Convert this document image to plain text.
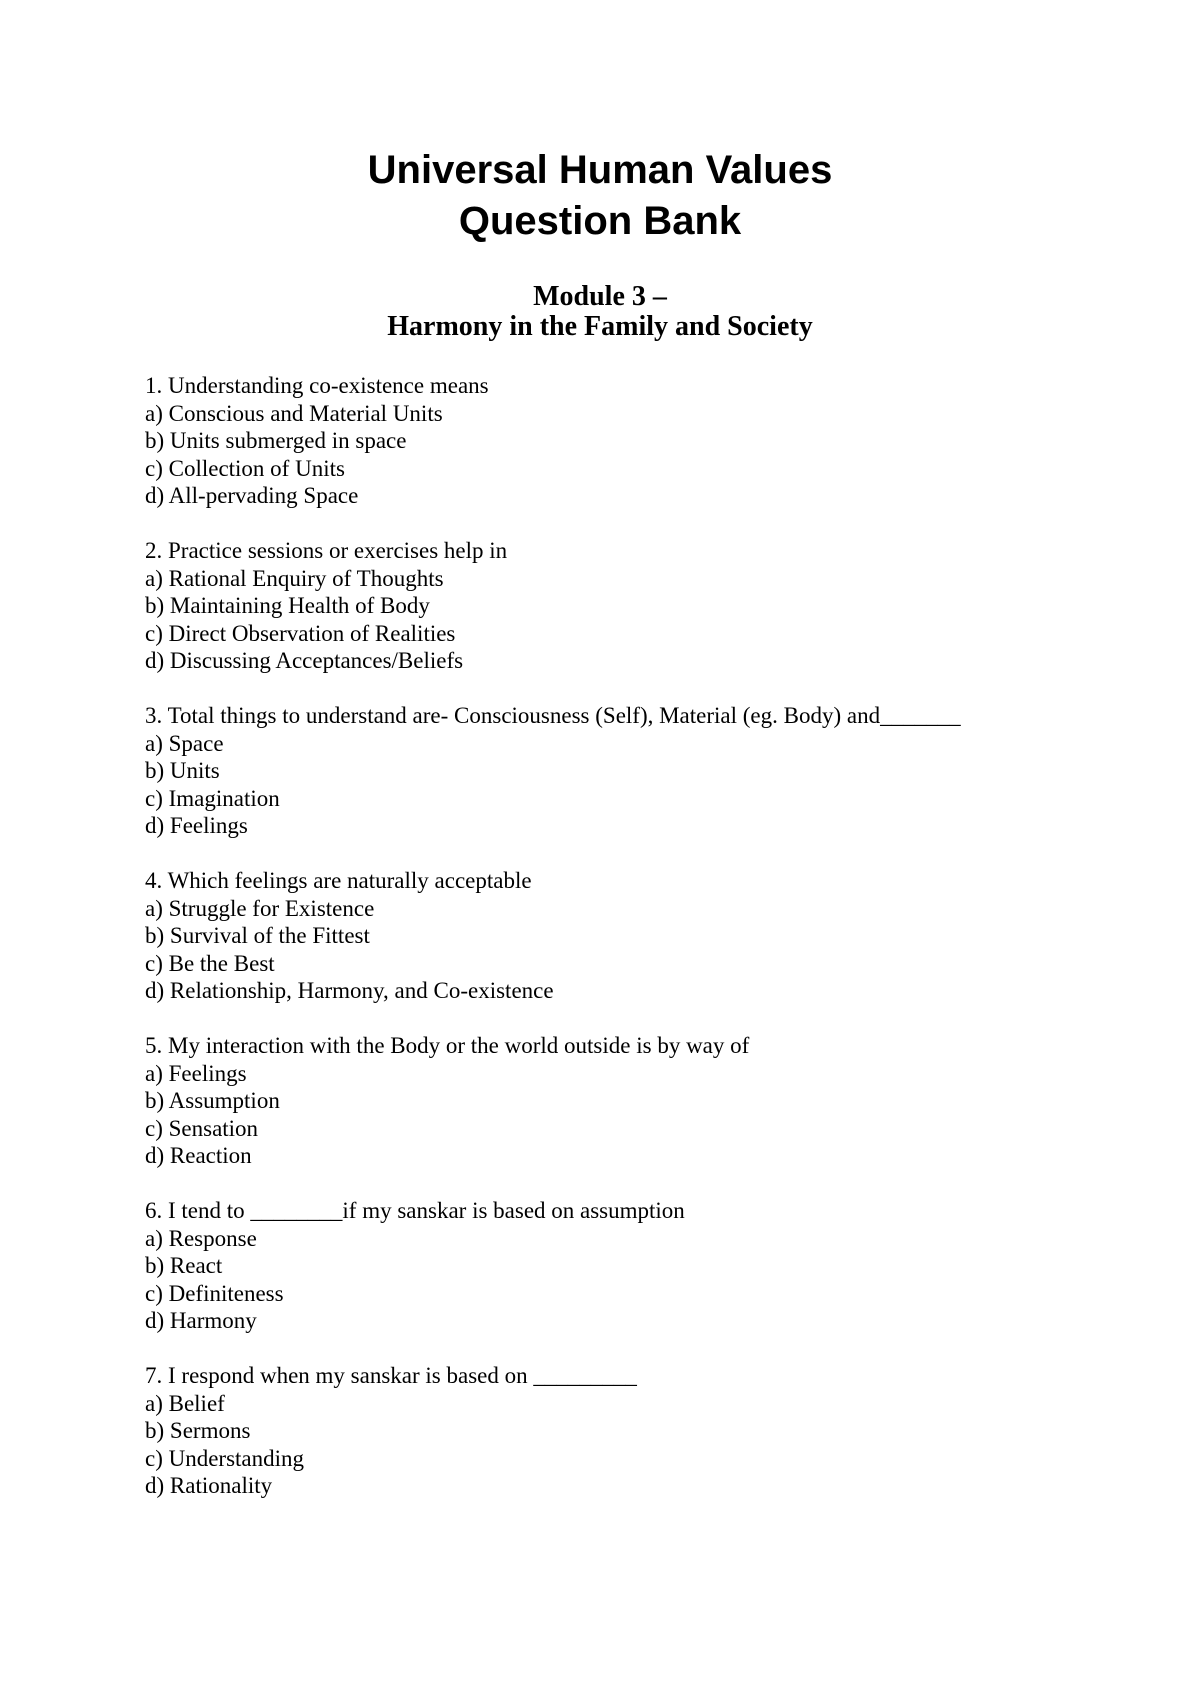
Universal Human Values
Question Bank
Module 3 –
Harmony in the Family and Society
1. Understanding co-existence means
a) Conscious and Material Units
b) Units submerged in space
c) Collection of Units
d) All-pervading Space
2. Practice sessions or exercises help in
a) Rational Enquiry of Thoughts
b) Maintaining Health of Body
c) Direct Observation of Realities
d) Discussing Acceptances/Beliefs
3. Total things to understand are- Consciousness (Self), Material (eg. Body) and_______
a) Space
b) Units
c) Imagination
d) Feelings
4. Which feelings are naturally acceptable
a) Struggle for Existence
b) Survival of the Fittest
c) Be the Best
d) Relationship, Harmony, and Co-existence
5. My interaction with the Body or the world outside is by way of
a) Feelings
b) Assumption
c) Sensation
d) Reaction
6. I tend to ________if my sanskar is based on assumption
a) Response
b) React
c) Definiteness
d) Harmony
7. I respond when my sanskar is based on _________
a) Belief
b) Sermons
c) Understanding
d) Rationality
